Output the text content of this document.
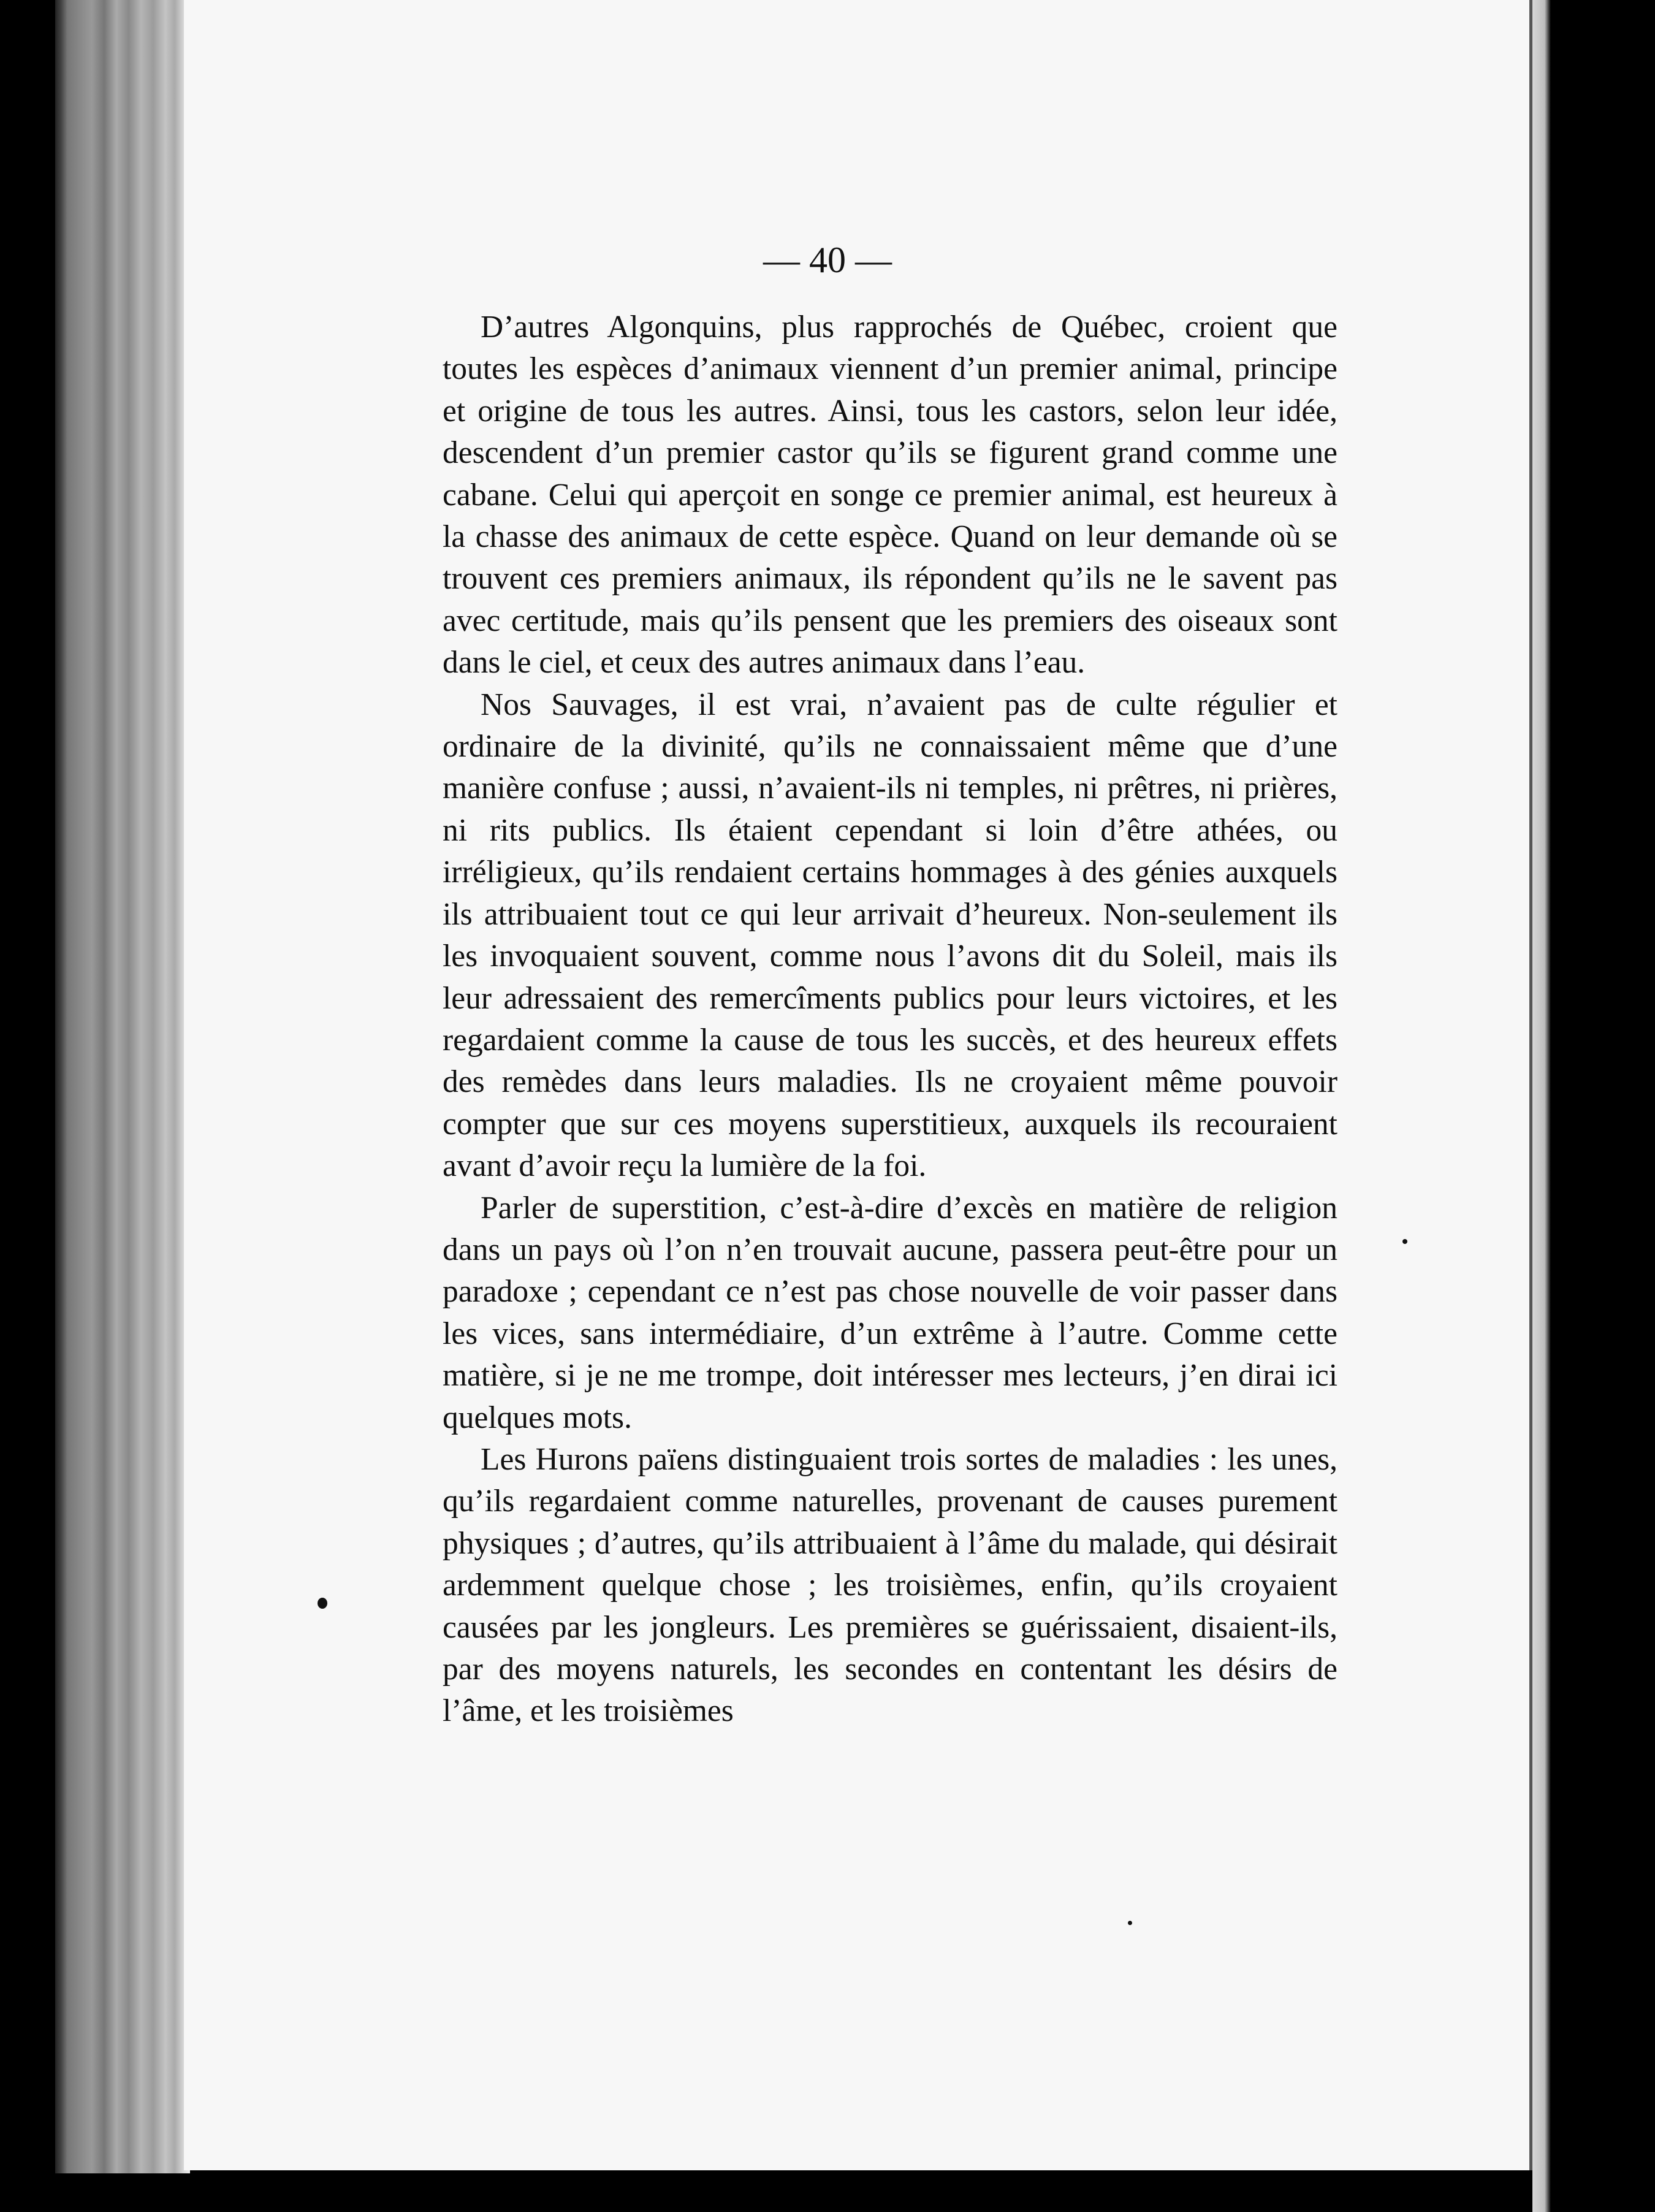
— 40 —

D’autres Algonquins, plus rapprochés de Québec, croient que toutes les espèces d’animaux viennent d’un premier animal, principe et origine de tous les autres. Ainsi, tous les castors, selon leur idée, descendent d’un premier castor qu’ils se figurent grand comme une cabane. Celui qui aperçoit en songe ce premier animal, est heureux à la chasse des animaux de cette espèce. Quand on leur demande où se trouvent ces premiers animaux, ils répondent qu’ils ne le savent pas avec certitude, mais qu’ils pensent que les premiers des oiseaux sont dans le ciel, et ceux des autres animaux dans l’eau.

Nos Sauvages, il est vrai, n’avaient pas de culte régulier et ordinaire de la divinité, qu’ils ne connaissaient même que d’une manière confuse ; aussi, n’avaient-ils ni temples, ni prêtres, ni prières, ni rits publics. Ils étaient cependant si loin d’être athées, ou irréligieux, qu’ils rendaient certains hommages à des génies auxquels ils attribuaient tout ce qui leur arrivait d’heureux. Non-seulement ils les invoquaient souvent, comme nous l’avons dit du Soleil, mais ils leur adressaient des remercîments publics pour leurs victoires, et les regardaient comme la cause de tous les succès, et des heureux effets des remèdes dans leurs maladies. Ils ne croyaient même pouvoir compter que sur ces moyens superstitieux, auxquels ils recouraient avant d’avoir reçu la lumière de la foi.

Parler de superstition, c’est-à-dire d’excès en matière de religion dans un pays où l’on n’en trouvait aucune, passera peut-être pour un paradoxe ; cependant ce n’est pas chose nouvelle de voir passer dans les vices, sans intermédiaire, d’un extrême à l’autre. Comme cette matière, si je ne me trompe, doit intéresser mes lecteurs, j’en dirai ici quelques mots.

Les Hurons païens distinguaient trois sortes de maladies : les unes, qu’ils regardaient comme naturelles, provenant de causes purement physiques ; d’autres, qu’ils attribuaient à l’âme du malade, qui désirait ardemment quelque chose ; les troisièmes, enfin, qu’ils croyaient causées par les jongleurs. Les premières se guérissaient, disaient-ils, par des moyens naturels, les secondes en contentant les désirs de l’âme, et les troisièmes
